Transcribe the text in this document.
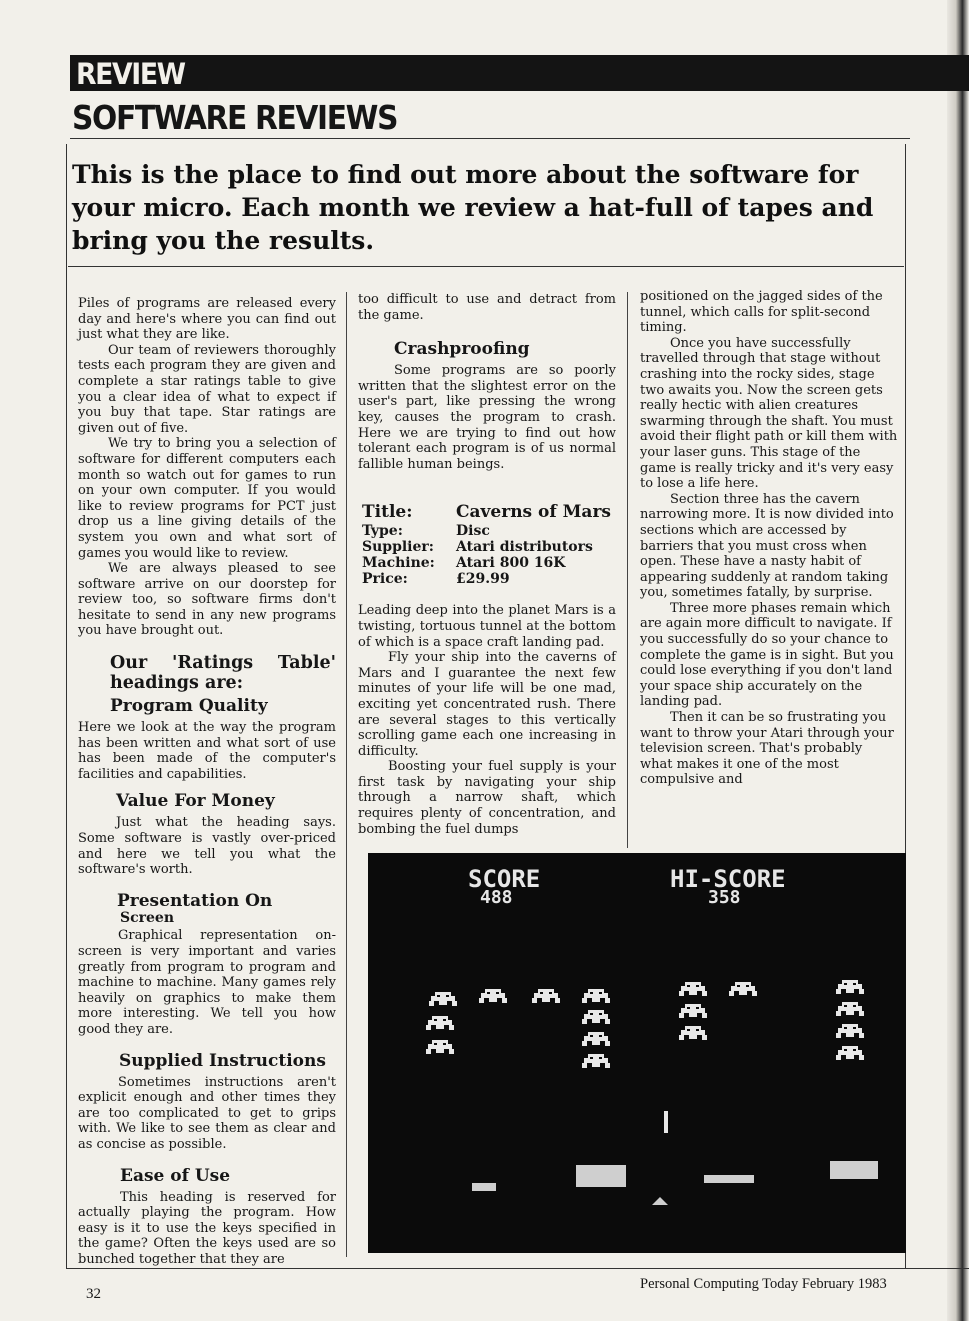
REVIEW
SOFTWARE REVIEWS
This is the place to find out more about the software for your micro. Each month we review a hat-full of tapes and bring you the results.

Piles of programs are released every day and here's where you can find out just what they are like.

Our team of reviewers thoroughly tests each program they are given and complete a star ratings table to give you a clear idea of what to expect if you buy that tape. Star ratings are given out of five.

We try to bring you a selection of software for different computers each month so watch out for games to run on your own computer. If you would like to review programs for PCT just drop us a line giving details of the system you own and what sort of games you would like to review.

We are always pleased to see software arrive on our doorstep for review too, so software firms don't hesitate to send in any new programs you have brought out.

Our 'Ratings Table' headings are:
Program Quality

Here we look at the way the program has been written and what sort of use has been made of the computer's facilities and capabilities.

Value For Money

Just what the heading says. Some software is vastly over-priced and here we tell you what the software's worth.

Presentation On
Screen

Graphical representation on-screen is very important and varies greatly from program to program and machine to machine. Many games rely heavily on graphics to make them more interesting. We tell you how good they are.

Supplied Instructions

Sometimes instructions aren't explicit enough and other times they are too complicated to get to grips with. We like to see them as clear and as concise as possible.

Ease of Use

This heading is reserved for actually playing the program. How easy is it to use the keys specified in the game? Often the keys used are so bunched together that they are

too difficult to use and detract from the game.

Crashproofing

Some programs are so poorly written that the slightest error on the user's part, like pressing the wrong key, causes the program to crash. Here we are trying to find out how tolerant each program is of us normal fallible human beings.

Title:	Caverns of Mars
Type:	Disc
Supplier:	Atari distributors
Machine:	Atari 800 16K
Price:	£29.99

Leading deep into the planet Mars is a twisting, tortuous tunnel at the bottom of which is a space craft landing pad.

Fly your ship into the caverns of Mars and I guarantee the next few minutes of your life will be one mad, exciting yet concentrated rush. There are several stages to this vertically scrolling game each one increasing in difficulty.

Boosting your fuel supply is your first task by navigating your ship through a narrow shaft, which requires plenty of concentration, and bombing the fuel dumps

positioned on the jagged sides of the tunnel, which calls for split-second timing.

Once you have successfully travelled through that stage without crashing into the rocky sides, stage two awaits you. Now the screen gets really hectic with alien creatures swarming through the shaft. You must avoid their flight path or kill them with your laser guns. This stage of the game is really tricky and it's very easy to lose a life here.

Section three has the cavern narrowing more. It is now divided into sections which are accessed by barriers that you must cross when open. These have a nasty habit of appearing suddenly at random taking you, sometimes fatally, by surprise.

Three more phases remain which are again more difficult to navigate. If you successfully do so your chance to complete the game is in sight. But you could lose everything if you don't land your space ship accurately on the landing pad.

Then it can be so frustrating you want to throw your Atari through your television screen. That's probably what makes it one of the most compulsive and

SCORE
488
HI-SCORE
358
32
Personal Computing Today February 1983
